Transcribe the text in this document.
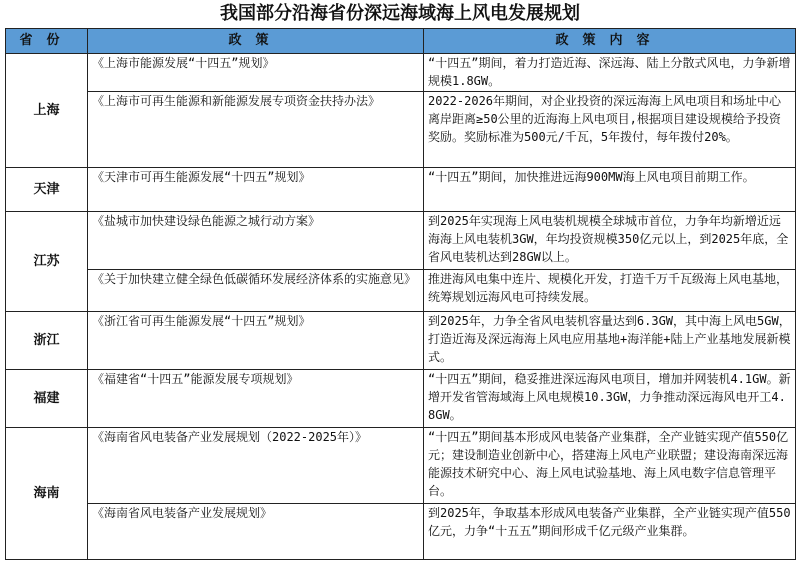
我国部分沿海省份深远海域海上风电发展规划
省份	政策	政策内容
上海	《上海市能源发展“十四五”规划》	“十四五”期间，着力打造近海、深远海、陆上分散式风电，力争新增规模1.8GW。
	《上海市可再生能源和新能源发展专项资金扶持办法》	2022-2026年期间，对企业投资的深远海海上风电项目和场址中心离岸距离≥50公里的近海海上风电项目,根据项目建设规模给予投资奖励。奖励标准为500元/千瓦，5年拨付，每年拨付20%。
天津	《天津市可再生能源发展“十四五”规划》	“十四五”期间，加快推进远海900MW海上风电项目前期工作。
江苏	《盐城市加快建设绿色能源之城行动方案》	到2025年实现海上风电装机规模全球城市首位，力争年均新增近远海海上风电装机3GW，年均投资规模350亿元以上，到2025年底，全省风电装机达到28GW以上。
	《关于加快建立健全绿色低碳循环发展经济体系的实施意见》	推进海风电集中连片、规模化开发，打造千万千瓦级海上风电基地，统筹规划远海风电可持续发展。
浙江	《浙江省可再生能源发展“十四五”规划》	到2025年，力争全省风电装机容量达到6.3GW，其中海上风电5GW，打造近海及深远海海上风电应用基地+海洋能+陆上产业基地发展新模式。
福建	《福建省“十四五”能源发展专项规划》	“十四五”期间，稳妥推进深远海风电项目，增加并网装机4.1GW。新增开发省管海域海上风电规模10.3GW，力争推动深远海风电开工4.8GW。
海南	《海南省风电装备产业发展规划（2022-2025年）》	“十四五”期间基本形成风电装备产业集群，全产业链实现产值550亿元；建设制造业创新中心，搭建海上风电产业联盟；建设海南深远海能源技术研究中心、海上风电试验基地、海上风电数字信息管理平台。
	《海南省风电装备产业发展规划》	到2025年，争取基本形成风电装备产业集群，全产业链实现产值550亿元，力争“十五五”期间形成千亿元级产业集群。
